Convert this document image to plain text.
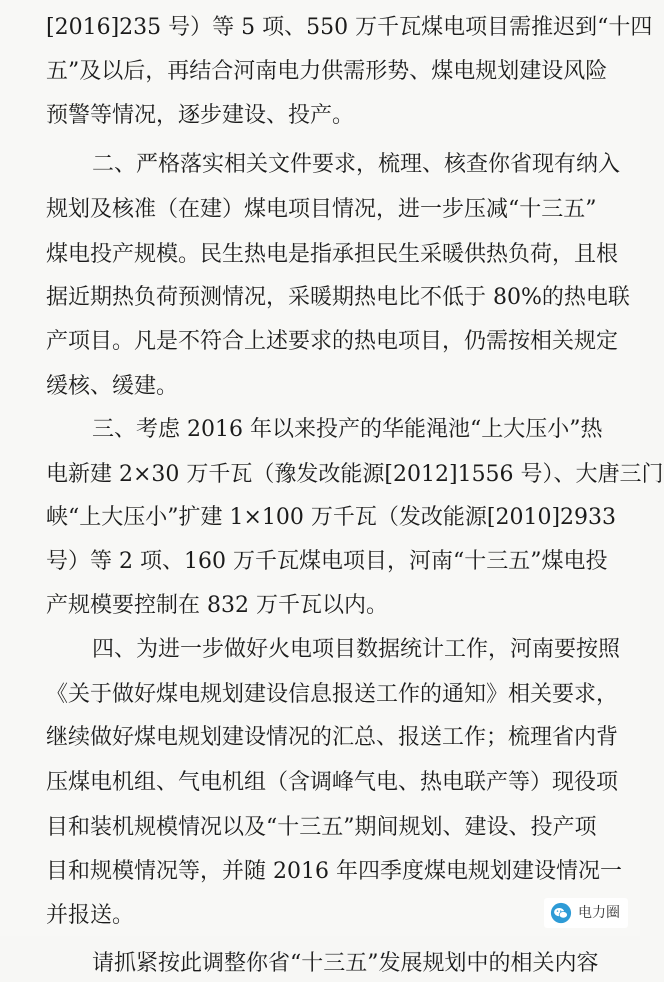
[2016]235 号）等 5 项、550 万千瓦煤电项目需推迟到“十四
五”及以后，再结合河南电力供需形势、煤电规划建设风险
预警等情况，逐步建设、投产。
二、严格落实相关文件要求，梳理、核查你省现有纳入
规划及核准（在建）煤电项目情况，进一步压减“十三五”
煤电投产规模。民生热电是指承担民生采暖供热负荷，且根
据近期热负荷预测情况，采暖期热电比不低于 80%的热电联
产项目。凡是不符合上述要求的热电项目，仍需按相关规定
缓核、缓建。
三、考虑 2016 年以来投产的华能渑池“上大压小”热
电新建 2×30 万千瓦（豫发改能源[2012]1556 号）、大唐三门
峡“上大压小”扩建 1×100 万千瓦（发改能源[2010]2933
号）等 2 项、160 万千瓦煤电项目，河南“十三五”煤电投
产规模要控制在 832 万千瓦以内。
四、为进一步做好火电项目数据统计工作，河南要按照
《关于做好煤电规划建设信息报送工作的通知》相关要求，
继续做好煤电规划建设情况的汇总、报送工作；梳理省内背
压煤电机组、气电机组（含调峰气电、热电联产等）现役项
目和装机规模情况以及“十三五”期间规划、建设、投产项
目和规模情况等，并随 2016 年四季度煤电规划建设情况一
并报送。
请抓紧按此调整你省“十三五”发展规划中的相关内容
电力圈
